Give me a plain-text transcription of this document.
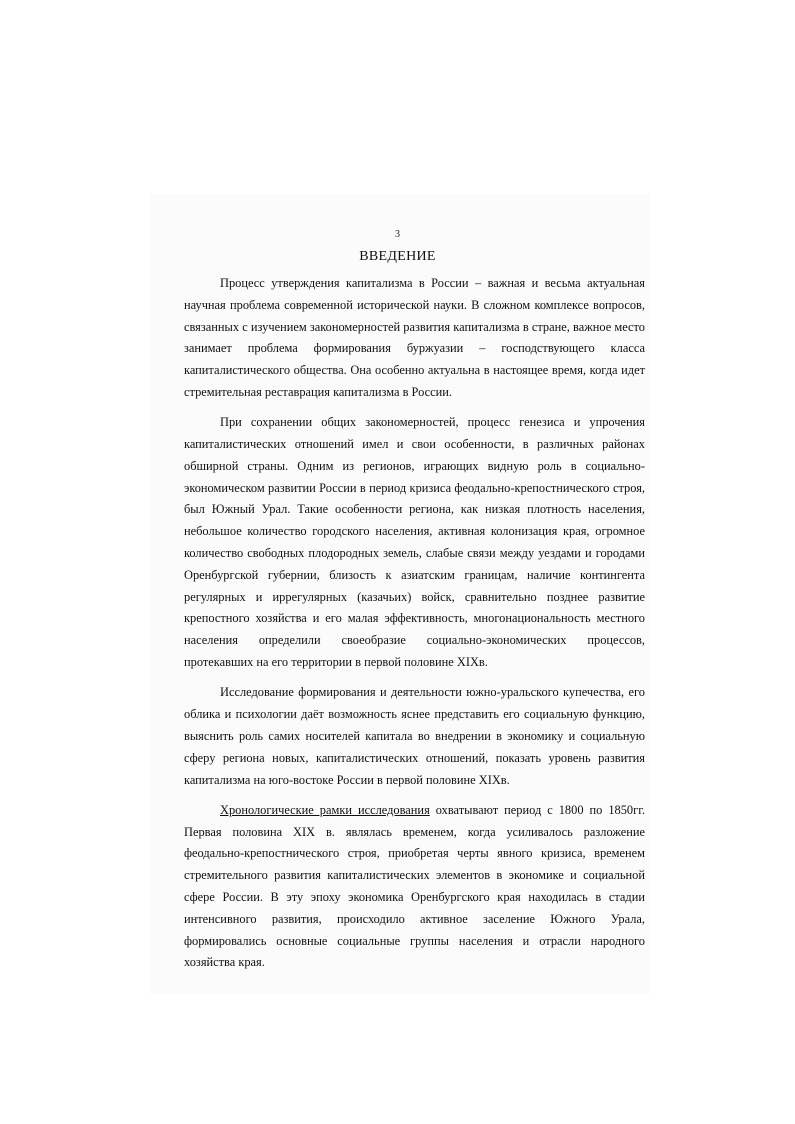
3
ВВЕДЕНИЕ

Процесс утверждения капитализма в России – важная и весьма актуальная научная проблема современной исторической науки. В сложном комплексе вопросов, связанных с изучением закономерностей развития капитализма в стране, важное место занимает проблема формирования буржуазии – господствующего класса капиталистического общества. Она особенно актуальна в настоящее время, когда идет стремительная реставрация капитализма в России.

При сохранении общих закономерностей, процесс генезиса и упрочения капиталистических отношений имел и свои особенности, в различных районах обширной страны. Одним из регионов, играющих видную роль в социально-экономическом развитии России в период кризиса феодально-крепостнического строя, был Южный Урал. Такие особенности региона, как низкая плотность населения, небольшое количество городского населения, активная колонизация края, огромное количество свободных плодородных земель, слабые связи между уездами и городами Оренбургской губернии, близость к азиатским границам, наличие контингента регулярных и иррегулярных (казачьих) войск, сравнительно позднее развитие крепостного хозяйства и его малая эффективность, многонациональность местного населения определили своеобразие социально-экономических процессов, протекавших на его территории в первой половине XIXв.

Исследование формирования и деятельности южно-уральского купечества, его облика и психологии даёт возможность яснее представить его социальную функцию, выяснить роль самих носителей капитала во внедрении в экономику и социальную сферу региона новых, капиталистических отношений, показать уровень развития капитализма на юго-востоке России в первой половине XIXв.

Хронологические рамки исследования охватывают период с 1800 по 1850гг. Первая половина XIX в. являлась временем, когда усиливалось разложение феодально-крепостнического строя, приобретая черты явного кризиса, временем стремительного развития капиталистических элементов в экономике и социальной сфере России. В эту эпоху экономика Оренбургского края находилась в стадии интенсивного развития, происходило активное заселение Южного Урала, формировались основные социальные группы населения и отрасли народного хозяйства края.
